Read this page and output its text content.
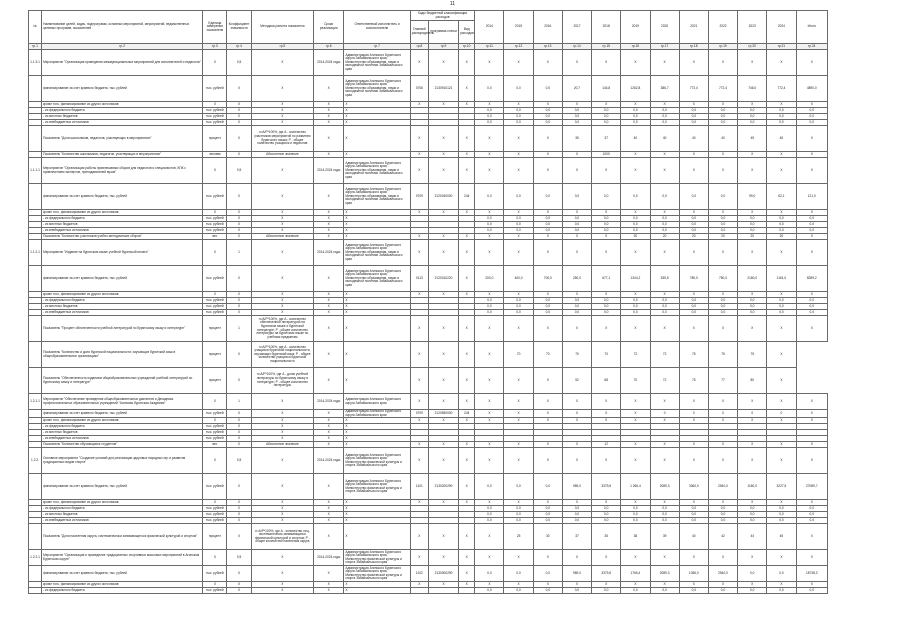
11
№	Наименование целей, задач, подпрограмм, основных мероприятий, мероприятий, ведомственных целевых программ, показателей	Единица измерения показателя	Коэффициент значимости	Методика расчета показателя	Сроки реализации	Ответственный исполнитель и соисполнители	Коды бюджетной классификации расходов			2014	2015	2016	2017	2018	2019	2020	2021	2022	2023	2024	Итого
							Главный распорядитель	программа статьи	Вид расходов												
гр.1	гр.2	гр.3	гр.4	гр.5	гр.6	гр.7	гр.8	гр.9	гр.10	гр.11	гр.12	гр.13	гр.14	гр.15	гр.16	гр.17	гр.18	гр.19	гр.20	гр.21	гр.24
1.1.3.1	Мероприятие "Организация проведения межмуниципальных мероприятий для исполнителей и педагогов"	Х	0,5	Х	2014-2024 годы	Администрация Агинского Бурятского округа Забайкальского края; Министерство образования, науки и молодежной политики Забайкальского края	Х	Х	Х	Х	Х	Х	Х	Х	Х	Х	Х	Х	Х	Х	Х
	финансирование за счет краевого бюджета, тыс. рублей	тыс. рублей	Х	Х	Х	Администрация Агинского Бурятского округа Забайкальского края; Министерство образования, науки и молодежной политики Забайкальского края	0706	2130910121	Х	0,0	0,0	0,0	20,7	144,8	1262,8	386,7	772,4	772,4	746,0	772,4	4890,0
	кроме того, финансирование из других источников:	Х	Х	Х	Х	Х	Х	Х	Х	Х	Х	Х	Х	Х	Х	Х	Х	Х	Х	Х	Х
	- из федерального бюджета	тыс. рублей	Х	Х	Х	Х				0,0	0,0	0,0	0,0	0,0	0,0	0,0	0,0	0,0	0,0	0,0	0,0
	- из местных бюджетов	тыс. рублей	Х	Х	Х	Х				0,0	0,0	0,0	0,0	0,0	0,0	0,0	0,0	0,0	0,0	0,0	0,0
	- из внебюджетных источников	тыс. рублей	Х	Х	Х	Х				0,0	0,0	0,0	0,0	0,0	0,0	0,0	0,0	0,0	0,0	0,0	0,0
	Показатель "Доля школьников, педагогов, участвующих в мероприятиях"	процент	Х	n=A/P*100%, где А - количество участников мероприятий по развитию бурятского языка; Р - общее количество учащихся и педагогов	Х	Х	Х	Х	Х	Х	Х	Х	35	37	40	40	40	40	45	45	Х
	Показатель "Количество школьников, педагогов, участвующих в мероприятиях"	человек	Х	Абсолютное значение	Х	Х	Х	Х	Х	Х	Х	Х	Х	1000	Х	Х	Х	Х	Х	Х	Х
1.1.1.1	Мероприятие "Организация работы привлекаемых сборов для педагогов и специалистов, КПК с привлечением экспертов, преподавателей вузов"	Х	0,5	Х	2014-2024 годы	Администрация Агинского Бурятского округа Забайкальского края; Министерство образования, науки и молодежной политики Забайкальского края	Х	Х	Х	Х	Х	Х	Х	Х	Х	Х	Х	Х	Х	Х	Х
	финансирование за счет краевого бюджета, тыс. рублей	тыс. рублей	Х	Х	Х	Администрация Агинского Бурятского округа Забайкальского края; Министерство образования, науки и молодежной политики Забайкальского края	0709	2120040000	244	0,0	0,0	0,0	0,0	0,0	0,0	0,0	0,0	0,0	99,0	62,1	121,0
	кроме того, финансирование из других источников:	Х	Х	Х	Х	Х	Х	Х	Х	Х	Х	Х	Х	Х	Х	Х	Х	Х	Х	Х	Х
	- из федерального бюджета	тыс. рублей	Х	Х	Х	Х				0,0	0,0	0,0	0,0	0,0	0,0	0,0	0,0	0,0	0,0	0,0	0,0
	- из местных бюджетов	тыс. рублей	Х	Х	Х	Х				0,0	0,0	0,0	0,0	0,0	0,0	0,0	0,0	0,0	0,0	0,0	0,0
	- из внебюджетных источников	тыс. рублей	Х	Х	Х	Х				0,0	0,0	0,0	0,0	0,0	0,0	0,0	0,0	0,0	0,0	0,0	0,0
	Показатель "Количество участников учебно-методических сборов"	чел.	Х	Абсолютное значение	Х	Х	Х	Х	Х	Х	Х	Х	Х	Х	20	20	20	20	20	20	Х
1.1.2.1	Мероприятие "Издание на бурятском языке учебной бурятской печати"	Х	1	Х	2014-2024 годы	Администрация Агинского Бурятского округа Забайкальского края; Министерство образования, науки и молодежной политики Забайкальского края	Х	Х	Х	Х	Х	Х	Х	Х	Х	Х	Х	Х	Х	Х	Х
	финансирование за счет краевого бюджета, тыс. рублей	тыс. рублей	Х	Х	Х	Администрация Агинского Бурятского округа Забайкальского края; Министерство образования, науки и молодежной политики Забайкальского края	0113	2120310220	Х	200,0	400,0	700,0	250,0	677,1	1344,2	535,5	780,0	750,0	2160,0	1161,0	8289,2
	кроме того, финансирование из других источников:	Х	Х	Х	Х	Х	Х	Х	Х	Х	Х	Х	Х	Х	Х	Х	Х	Х	Х	Х	Х
	- из федерального бюджета	тыс. рублей	Х	Х	Х	Х				0,0	0,0	0,0	0,0	0,0	0,0	0,0	0,0	0,0	0,0	0,0	0,0
	- из местных бюджетов	тыс. рублей	Х	Х	Х	Х				0,0	0,0	0,0	0,0	0,0	0,0	0,0	0,0	0,0	0,0	0,0	0,0
	- из внебюджетных источников	тыс. рублей	Х	Х	Х	Х				0,0	0,0	0,0	0,0	0,0	0,0	0,0	0,0	0,0	0,0	0,0	0,0
	Показатель "Процент обеспеченности учебной литературой по бурятскому языку и литературе"	процент	1	n=A/P*100%, где А - количество обеспеченной литературой на бурятском языке и бурятской литературе; Р - общее количество литературы на бурятском языке по учебным предметам	Х	Х	Х	Х	Х	Х	Х	Х	Х	Х	Х	Х	Х	Х	Х	Х	Х
	Показатель "Количество и доля бурятской национальности, изучающих бурятский язык в общеобразовательных организациях"	процент	Х	n=A/P*100%, где А - количество учащихся бурятской национальности, изучающих бурятский язык; Р - общее количество учащихся бурятской национальности	Х	Х	Х	Х	Х	Х	70	70	70	70	72	72	75	75	75	Х	
	Показатель "Обеспеченность изданием общеобразовательных учреждений учебной литературой по бурятскому языку и литературе"	процент	Х	n=A/P*100%, где А - долю учебной литературы по бурятскому языку и литературе; Р - общее количество литературы	Х	Х	Х	Х	Х	Х	Х	Х	52	68	70	72	75	77	80	Х	
1.2.1.1	Мероприятие "Обеспечение проведения общеобразовательных диктантов и Декадника профессиональных образовательных учреждений "Агинская бурятская Академия"	Х	1	Х	2014-2024 годы	Администрация Агинского Бурятского округа Забайкальского края	Х	Х	Х	Х	Х	Х	Х	Х	Х	Х	Х	Х	Х	Х	Х
	финансирование за счет краевого бюджета, тыс. рублей	тыс. рублей	Х	Х	Х	Администрация Агинского Бурятского округа Забайкальского края	0709	2120550000	244	Х	Х	Х	Х	Х	Х	0	0	0	0	0	0
	кроме того, финансирование из других источников:	Х	Х	Х	Х	Х	Х	Х	Х	Х	Х	Х	Х	Х	Х	Х	Х	Х	Х	Х	Х
	- из федерального бюджета	тыс. рублей	Х	Х	Х	Х															
	- из местных бюджетов	тыс. рублей	Х	Х	Х	Х															
	- из внебюджетных источников	тыс. рублей	Х	Х	Х	Х															
	Показатель "Количество обучающихся студентов"	чел.	Х	Абсолютное значение	Х	Х	Х	Х	Х	Х	Х	Х	Х	12	Х	Х	Х	Х	Х	Х	Х
1.2.2.	Основное мероприятие "Создание условий для реализации здоровых народных игр и развития традиционных видов спорта"	Х	0,5	Х	2014-2024 годы	Администрация Агинского Бурятского округа Забайкальского края; Министерство физической культуры и спорта Забайкальского края	Х	Х	Х	Х	Х	Х	Х	Х	Х	Х	Х	Х	Х	Х	Х
	финансирование за счет краевого бюджета, тыс. рублей	тыс. рублей	Х	Х	Х	Администрация Агинского Бурятского округа Забайкальского края; Министерство физической культуры и спорта Забайкальского края	1101	2130200290	Х	0,0	0,0	0,0	989,0	3379,8	1 266,4	2089,3	3360,0	2540,0	1160,0	3227,5	27089,7
	кроме того, финансирование из других источников:	Х	Х	Х	Х	Х	Х	Х	Х	Х	Х	Х	Х	Х	Х	Х	Х	Х	Х	Х	Х
	- из федерального бюджета	тыс. рублей	Х	Х	Х	Х				0,0	0,0	0,0	0,0	0,0	0,0	0,0	0,0	0,0	0,0	0,0	0,0
	- из местных бюджетов	тыс. рублей	Х	Х	Х	Х				0,0	0,0	0,0	0,0	0,0	0,0	0,0	0,0	0,0	0,0	0,0	0,0
	- из внебюджетных источников	тыс. рублей	Х	Х	Х	Х				0,0	0,0	0,0	0,0	0,0	0,0	0,0	0,0	0,0	0,0	0,0	0,0
	Показатель "Доля населения округа, систематически занимающегося физической культурой и спортом"	процент	Х	n=A/P*100%, где А - количество лиц, систематически занимающихся физической культурой и спортом; Р - общее количество населения округа	Х	Х	Х	Х	Х	Х	25	30	37	35	38	39	40	42	44	45	Х
1.2.2.1	Мероприятие "Организация и проведение традиционных спортивных массовых мероприятий в Агинском Бурятском округе"	Х	0,5	Х	2014-2024 годы	Администрация Агинского Бурятского округа Забайкальского края; Министерство физической культуры и спорта Забайкальского края	Х	Х	Х	Х	Х	Х	Х	Х	Х	Х	Х	Х	Х	Х	Х
	финансирование за счет краевого бюджета, тыс. рублей	тыс. рублей	Х	Х	Х	Администрация Агинского Бурятского округа Забайкальского края; Министерство физической культуры и спорта Забайкальского края	1102	2130300290	Х	0,0	0,0	0,0	989,0	3379,8	1766,4	2089,3	1056,0	2540,0	0,0	0,0	18738,3
	кроме того, финансирование из других источников:	Х	Х	Х	Х	Х	Х	Х	Х	Х	Х	Х	Х	Х	Х	Х	Х	Х	Х	Х	Х
	- из федерального бюджета	тыс. рублей	Х	Х	Х	Х				0,0	0,0	0,0	0,0	0,0	0,0	0,0	0,0	0,0	0,0	0,0	0,0
